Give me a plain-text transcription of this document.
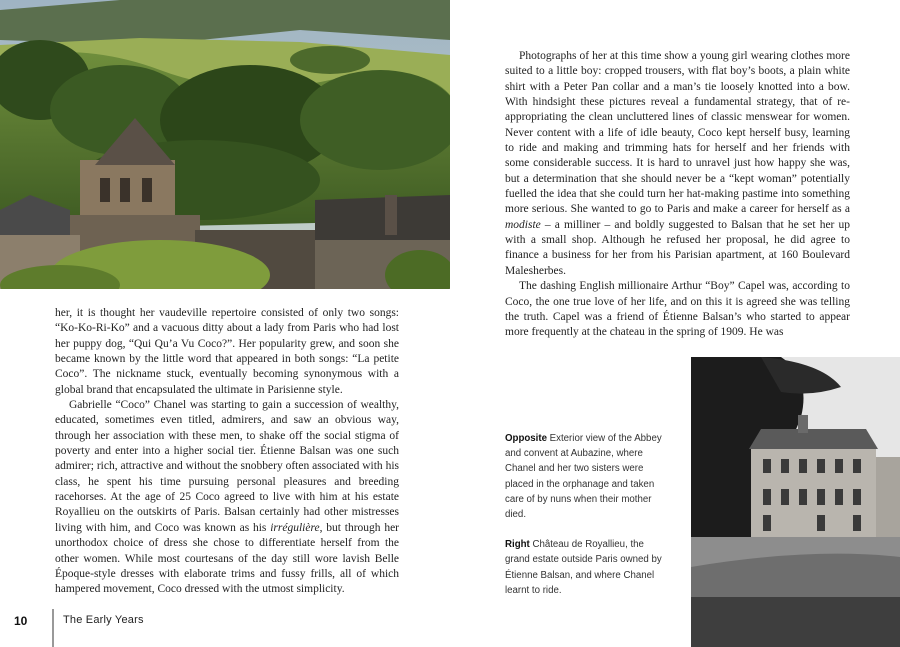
her, it is thought her vaudeville repertoire consisted of only two songs: “Ko-Ko-Ri-Ko” and a vacuous ditty about a lady from Paris who had lost her puppy dog, “Qui Qu’a Vu Coco?”. Her popularity grew, and soon she became known by the little word that appeared in both songs: “La petite Coco”. The nickname stuck, eventually becoming synonymous with a global brand that encapsulated the ultimate in Parisienne style.

Gabrielle “Coco” Chanel was starting to gain a succession of wealthy, educated, sometimes even titled, admirers, and saw an obvious way, through her association with these men, to shake off the social stigma of poverty and enter into a higher social tier. Étienne Balsan was one such admirer; rich, attractive and without the snobbery often associated with his class, he spent his time pursuing personal pleasures and breeding racehorses. At the age of 25 Coco agreed to live with him at his estate Royallieu on the outskirts of Paris. Balsan certainly had other mistresses living with him, and Coco was known as his irrégulière, but through her unorthodox choice of dress she chose to differentiate herself from the other women. While most courtesans of the day still wore lavish Belle Époque-style dresses with elaborate trims and fussy frills, all of which hampered movement, Coco dressed with the utmost simplicity.

Photographs of her at this time show a young girl wearing clothes more suited to a little boy: cropped trousers, with flat boy’s boots, a plain white shirt with a Peter Pan collar and a man’s tie loosely knotted into a bow. With hindsight these pictures reveal a fundamental strategy, that of re-appropriating the clean uncluttered lines of classic menswear for women. Never content with a life of idle beauty, Coco kept herself busy, learning to ride and making and trimming hats for herself and her friends with some considerable success. It is hard to unravel just how happy she was, but a determination that she should never be a “kept woman” potentially fuelled the idea that she could turn her hat-making pastime into something more serious. She wanted to go to Paris and make a career for herself as a modiste – a milliner – and boldly suggested to Balsan that he set her up with a small shop. Although he refused her proposal, he did agree to finance a business for her from his Parisian apartment, at 160 Boulevard Malesherbes.

The dashing English millionaire Arthur “Boy” Capel was, according to Coco, the one true love of her life, and on this it is agreed she was telling the truth. Capel was a friend of Étienne Balsan’s who started to appear more frequently at the chateau in the spring of 1909. He was

Opposite Exterior view of the Abbey and convent at Aubazine, where Chanel and her two sisters were placed in the orphanage and taken care of by nuns when their mother died.

Right Château de Royallieu, the grand estate outside Paris owned by Étienne Balsan, and where Chanel learnt to ride.

10	The Early Years
